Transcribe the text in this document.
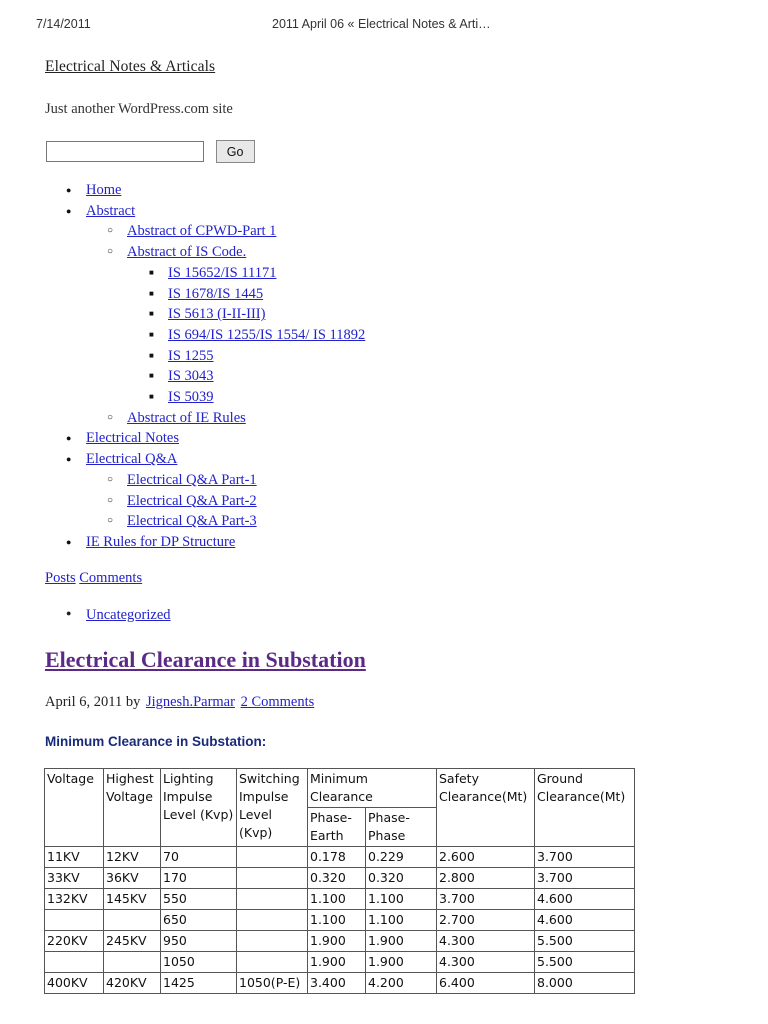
7/14/2011	2011 April 06 « Electrical Notes & Arti…
Electrical Notes & Articals
Just another WordPress.com site
Go
● Home
● Abstract
○ Abstract of CPWD-Part 1
○ Abstract of IS Code.
■ IS 15652/IS 11171
■ IS 1678/IS 1445
■ IS 5613 (I-II-III)
■ IS 694/IS 1255/IS 1554/ IS 11892
■ IS 1255
■ IS 3043
■ IS 5039
○ Abstract of IE Rules
● Electrical Notes
● Electrical Q&A
○ Electrical Q&A Part-1
○ Electrical Q&A Part-2
○ Electrical Q&A Part-3
● IE Rules for DP Structure
Posts Comments
● Uncategorized
Electrical Clearance in Substation
April 6, 2011 by Jignesh.Parmar 2 Comments
Minimum Clearance in Substation:
Voltage	Highest Voltage	Lighting Impulse Level (Kvp)	Switching Impulse Level (Kvp)	Minimum Clearance		Safety Clearance(Mt)	Ground Clearance(Mt)
				Phase-Earth	Phase-Phase		
11KV	12KV	70		0.178	0.229	2.600	3.700
33KV	36KV	170		0.320	0.320	2.800	3.700
132KV	145KV	550		1.100	1.100	3.700	4.600
		650		1.100	1.100	2.700	4.600
220KV	245KV	950		1.900	1.900	4.300	5.500
		1050		1.900	1.900	4.300	5.500
400KV	420KV	1425	1050(P-E)	3.400	4.200	6.400	8.000
